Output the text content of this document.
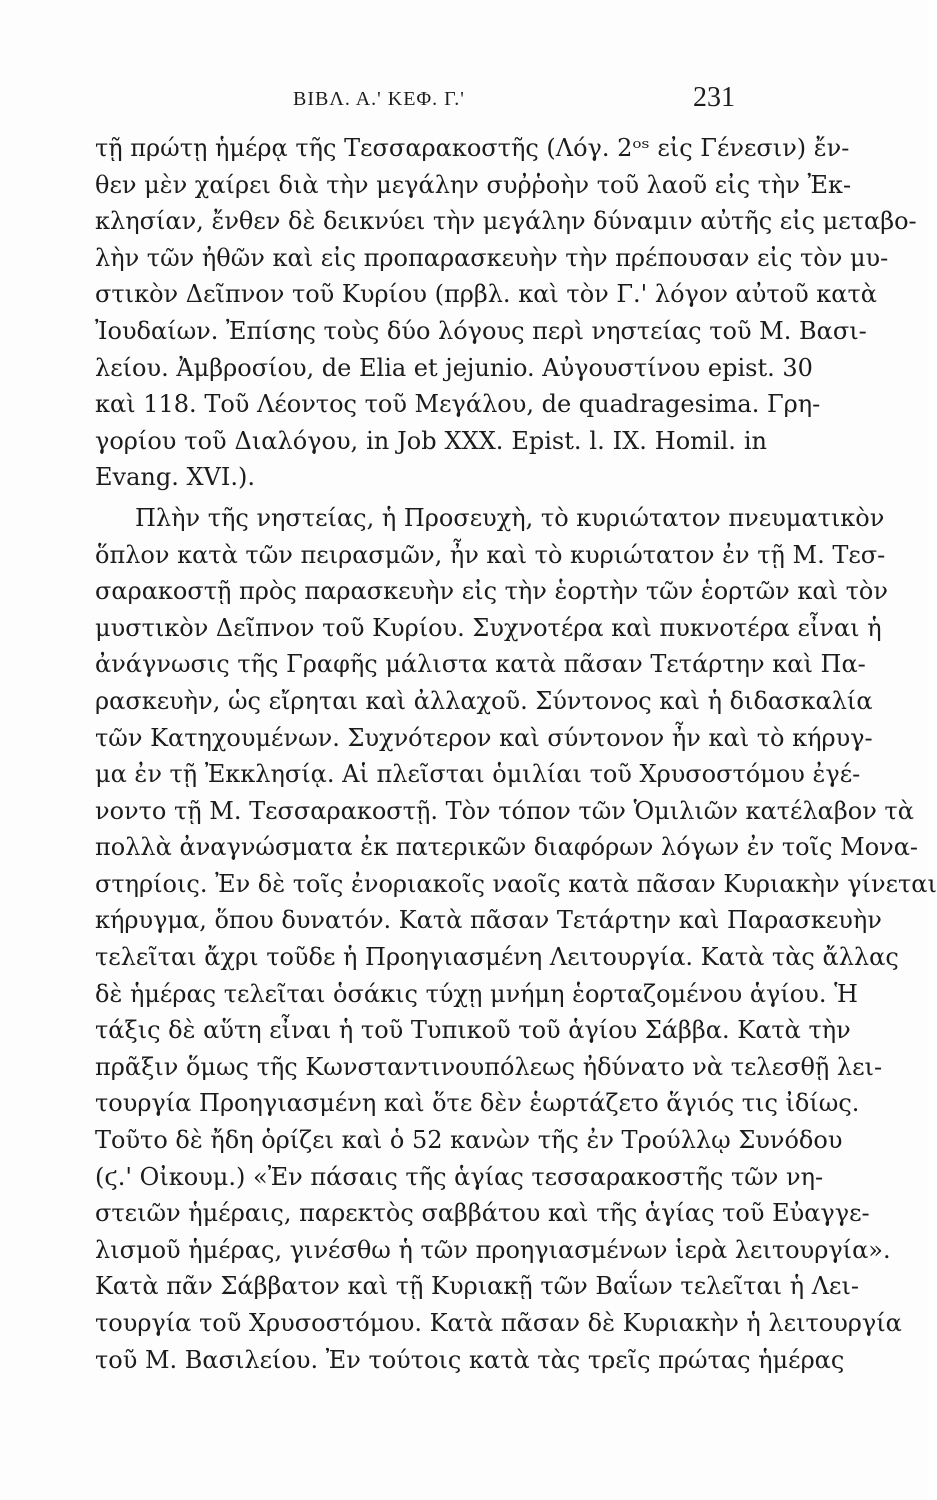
ΒΙΒΛ. Α.' ΚΕΦ. Γ.'	231
τῇ πρώτῃ ἡμέρᾳ τῆς Τεσσαρακοστῆς (Λόγ. 2ᵒˢ εἰς Γένεσιν) ἔν-
θεν μὲν χαίρει διὰ τὴν μεγάλην συῤῥοὴν τοῦ λαοῦ εἰς τὴν Ἐκ-
κλησίαν, ἔνθεν δὲ δεικνύει τὴν μεγάλην δύναμιν αὐτῆς εἰς μεταβο-
λὴν τῶν ἠθῶν καὶ εἰς προπαρασκευὴν τὴν πρέπουσαν εἰς τὸν μυ-
στικὸν Δεῖπνον τοῦ Κυρίου (πρβλ. καὶ τὸν Γ.' λόγον αὐτοῦ κατὰ
Ἰουδαίων. Ἐπίσης τοὺς δύο λόγους περὶ νηστείας τοῦ Μ. Βασι-
λείου. Ἀμβροσίου, de Elia et jejunio. Αὐγουστίνου epist. 30
καὶ 118. Τοῦ Λέοντος τοῦ Μεγάλου, de quadragesima. Γρη-
γορίου τοῦ Διαλόγου, in Job XXX. Epist. l. IX. Homil. in
Evang. XVI.).
Πλὴν τῆς νηστείας, ἡ Προσευχὴ, τὸ κυριώτατον πνευματικὸν
ὅπλον κατὰ τῶν πειρασμῶν, ἦν καὶ τὸ κυριώτατον ἐν τῇ Μ. Τεσ-
σαρακοστῇ πρὸς παρασκευὴν εἰς τὴν ἑορτὴν τῶν ἑορτῶν καὶ τὸν
μυστικὸν Δεῖπνον τοῦ Κυρίου. Συχνοτέρα καὶ πυκνοτέρα εἶναι ἡ
ἀνάγνωσις τῆς Γραφῆς μάλιστα κατὰ πᾶσαν Τετάρτην καὶ Πα-
ρασκευὴν, ὡς εἴρηται καὶ ἀλλαχοῦ. Σύντονος καὶ ἡ διδασκαλία
τῶν Κατηχουμένων. Συχνότερον καὶ σύντονον ἦν καὶ τὸ κήρυγ-
μα ἐν τῇ Ἐκκλησίᾳ. Αἱ πλεῖσται ὁμιλίαι τοῦ Χρυσοστόμου ἐγέ-
νοντο τῇ Μ. Τεσσαρακοστῇ. Τὸν τόπον τῶν Ὁμιλιῶν κατέλαβον τὰ
πολλὰ ἀναγνώσματα ἐκ πατερικῶν διαφόρων λόγων ἐν τοῖς Μονα-
στηρίοις. Ἐν δὲ τοῖς ἐνοριακοῖς ναοῖς κατὰ πᾶσαν Κυριακὴν γίνεται
κήρυγμα, ὅπου δυνατόν. Κατὰ πᾶσαν Τετάρτην καὶ Παρασκευὴν
τελεῖται ἄχρι τοῦδε ἡ Προηγιασμένη Λειτουργία. Κατὰ τὰς ἄλλας
δὲ ἡμέρας τελεῖται ὁσάκις τύχῃ μνήμη ἑορταζομένου ἁγίου. Ἡ
τάξις δὲ αὕτη εἶναι ἡ τοῦ Τυπικοῦ τοῦ ἁγίου Σάββα. Κατὰ τὴν
πρᾶξιν ὅμως τῆς Κωνσταντινουπόλεως ἠδύνατο νὰ τελεσθῇ λει-
τουργία Προηγιασμένη καὶ ὅτε δὲν ἑωρτάζετο ἅγιός τις ἰδίως.
Τοῦτο δὲ ἤδη ὁρίζει καὶ ὁ 52 κανὼν τῆς ἐν Τρούλλῳ Συνόδου
(ϛ.' Οἰκουμ.) «Ἐν πάσαις τῆς ἁγίας τεσσαρακοστῆς τῶν νη-
στειῶν ἡμέραις, παρεκτὸς σαββάτου καὶ τῆς ἁγίας τοῦ Εὐαγγε-
λισμοῦ ἡμέρας, γινέσθω ἡ τῶν προηγιασμένων ἱερὰ λειτουργία».
Κατὰ πᾶν Σάββατον καὶ τῇ Κυριακῇ τῶν Βαΐων τελεῖται ἡ Λει-
τουργία τοῦ Χρυσοστόμου. Κατὰ πᾶσαν δὲ Κυριακὴν ἡ λειτουργία
τοῦ Μ. Βασιλείου. Ἐν τούτοις κατὰ τὰς τρεῖς πρώτας ἡμέρας
